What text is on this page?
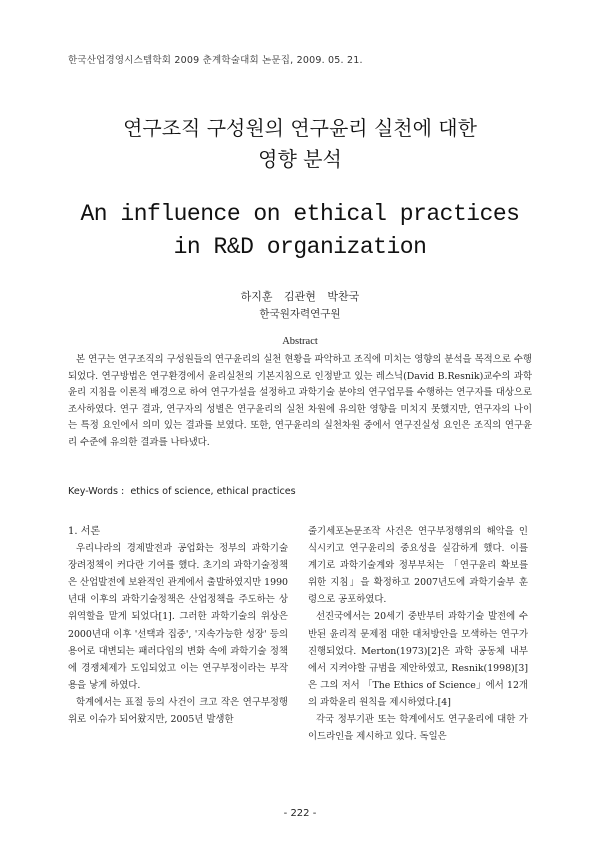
한국산업경영시스템학회 2009 춘계학술대회 논문집, 2009. 05. 21.
연구조직 구성원의 연구윤리 실천에 대한
영향 분석
An influence on ethical practices
in R&D organization
하지훈 김관현 박찬국
한국원자력연구원
Abstract

본 연구는 연구조직의 구성원들의 연구윤리의 실천 현황을 파악하고 조직에 미치는 영향의 분석을 목적으로 수행되었다. 연구방법은 연구환경에서 윤리실천의 기본지침으로 인정받고 있는 레스닉(David B.Resnik)교수의 과학윤리 지침을 이론적 배경으로 하여 연구가설을 설정하고 과학기술 분야의 연구업무를 수행하는 연구자를 대상으로 조사하였다. 연구 결과, 연구자의 성별은 연구윤리의 실천 차원에 유의한 영향을 미치지 못했지만, 연구자의 나이는 특정 요인에서 의미 있는 결과를 보였다. 또한, 연구윤리의 실천차원 중에서 연구진실성 요인은 조직의 연구윤리 수준에 유의한 결과를 나타냈다.

Key-Words : ethics of science, ethical practices

1. 서론

우리나라의 경제발전과 공업화는 정부의 과학기술 장려정책이 커다란 기여를 했다. 초기의 과학기술정책은 산업발전에 보완적인 관계에서 출발하였지만 1990년대 이후의 과학기술정책은 산업정책을 주도하는 상위역할을 맡게 되었다[1]. 그러한 과학기술의 위상은 2000년대 이후 '선택과 집중', '지속가능한 성장' 등의 용어로 대변되는 패러다임의 변화 속에 과학기술 정책에 경쟁체제가 도입되었고 이는 연구부정이라는 부작용을 낳게 하였다.

학계에서는 표절 등의 사건이 크고 작은 연구부정행위로 이슈가 되어왔지만, 2005년 발생한

줄기세포논문조작 사건은 연구부정행위의 해악을 인식시키고 연구윤리의 중요성을 실감하게 했다. 이를 계기로 과학기술계와 정부부처는 「연구윤리 확보를 위한 지침」을 확정하고 2007년도에 과학기술부 훈령으로 공포하였다.

선진국에서는 20세기 중반부터 과학기술 발전에 수반된 윤리적 문제점 대한 대처방안을 모색하는 연구가 진행되었다. Merton(1973)[2]은 과학 공동체 내부에서 지켜야할 규범을 제안하였고, Resnik(1998)[3]은 그의 저서 「The Ethics of Science」에서 12개의 과학윤리 원칙을 제시하였다.[4]

각국 정부기관 또는 학계에서도 연구윤리에 대한 가이드라인을 제시하고 있다. 독일은

- 222 -
